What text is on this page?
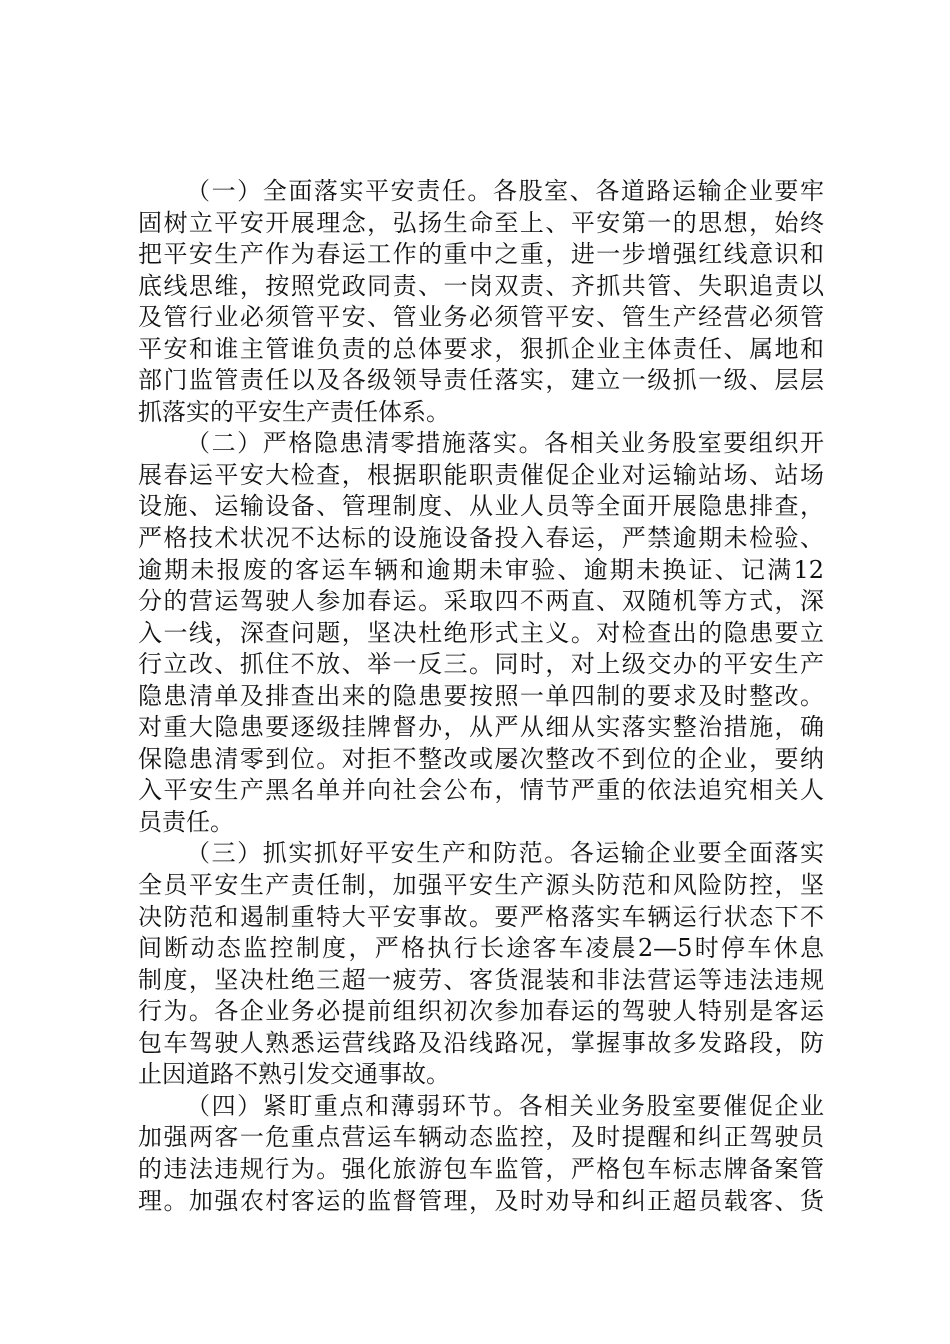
（一）全面落实平安责任。各股室、各道路运输企业要牢
固树立平安开展理念，弘扬生命至上、平安第一的思想，始终
把平安生产作为春运工作的重中之重，进一步增强红线意识和
底线思维，按照党政同责、一岗双责、齐抓共管、失职追责以
及管行业必须管平安、管业务必须管平安、管生产经营必须管
平安和谁主管谁负责的总体要求，狠抓企业主体责任、属地和
部门监管责任以及各级领导责任落实，建立一级抓一级、层层
抓落实的平安生产责任体系。
（二）严格隐患清零措施落实。各相关业务股室要组织开
展春运平安大检查，根据职能职责催促企业对运输站场、站场
设施、运输设备、管理制度、从业人员等全面开展隐患排查，
严格技术状况不达标的设施设备投入春运，严禁逾期未检验、
逾期未报废的客运车辆和逾期未审验、逾期未换证、记满12
分的营运驾驶人参加春运。采取四不两直、双随机等方式，深
入一线，深查问题，坚决杜绝形式主义。对检查出的隐患要立
行立改、抓住不放、举一反三。同时，对上级交办的平安生产
隐患清单及排查出来的隐患要按照一单四制的要求及时整改。
对重大隐患要逐级挂牌督办，从严从细从实落实整治措施，确
保隐患清零到位。对拒不整改或屡次整改不到位的企业，要纳
入平安生产黑名单并向社会公布，情节严重的依法追究相关人
员责任。
（三）抓实抓好平安生产和防范。各运输企业要全面落实
全员平安生产责任制，加强平安生产源头防范和风险防控，坚
决防范和遏制重特大平安事故。要严格落实车辆运行状态下不
间断动态监控制度，严格执行长途客车凌晨2—5时停车休息
制度，坚决杜绝三超一疲劳、客货混装和非法营运等违法违规
行为。各企业务必提前组织初次参加春运的驾驶人特别是客运
包车驾驶人熟悉运营线路及沿线路况，掌握事故多发路段，防
止因道路不熟引发交通事故。
（四）紧盯重点和薄弱环节。各相关业务股室要催促企业
加强两客一危重点营运车辆动态监控，及时提醒和纠正驾驶员
的违法违规行为。强化旅游包车监管，严格包车标志牌备案管
理。加强农村客运的监督管理，及时劝导和纠正超员载客、货
